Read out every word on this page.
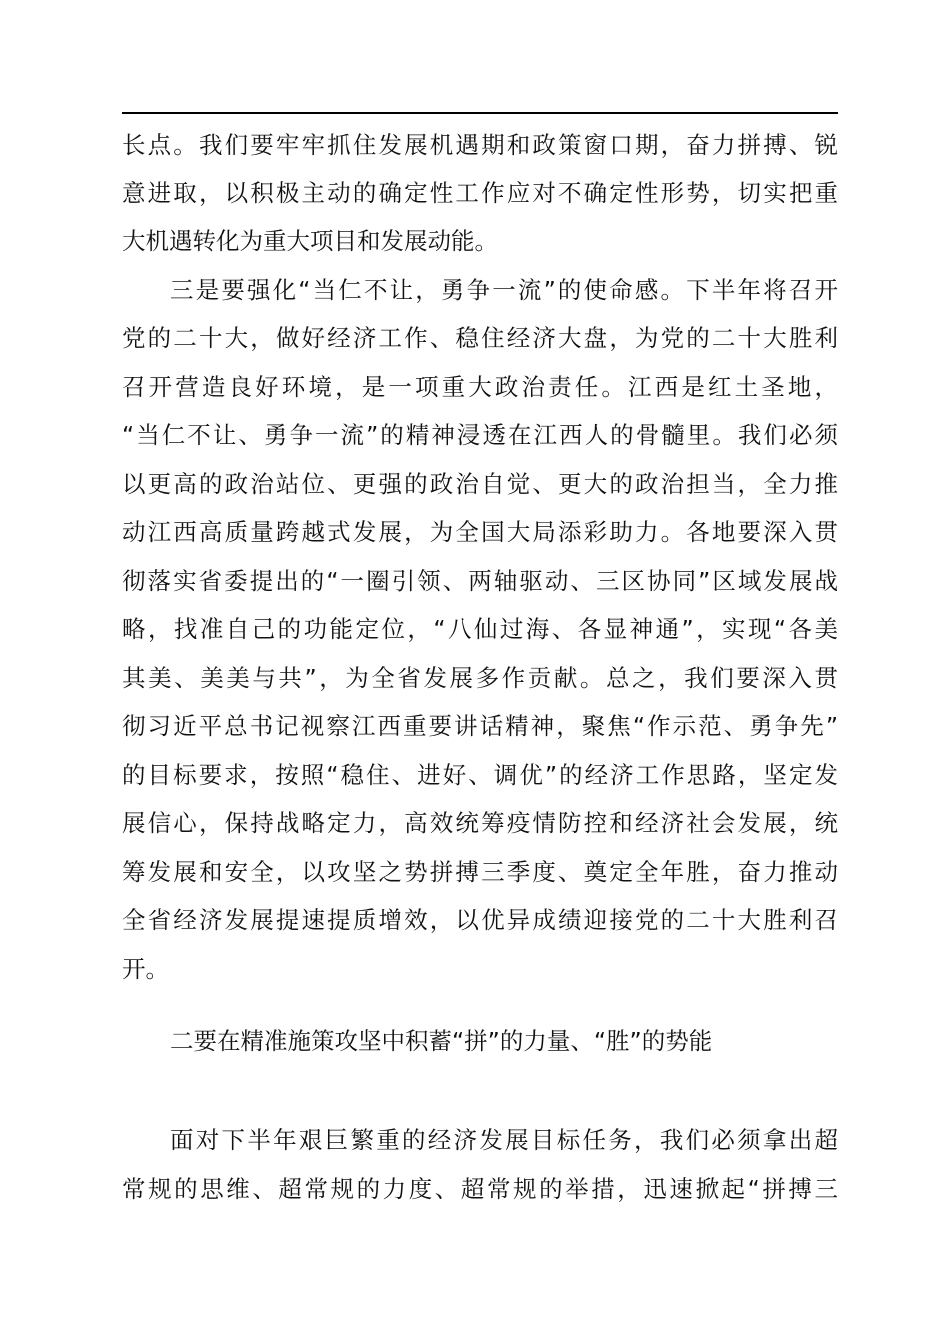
长点。我们要牢牢抓住发展机遇期和政策窗口期，奋力拼搏、锐
意进取，以积极主动的确定性工作应对不确定性形势，切实把重
大机遇转化为重大项目和发展动能。
三是要强化“当仁不让，勇争一流”的使命感。下半年将召开
党的二十大，做好经济工作、稳住经济大盘，为党的二十大胜利
召开营造良好环境，是一项重大政治责任。江西是红土圣地，
“当仁不让、勇争一流”的精神浸透在江西人的骨髓里。我们必须
以更高的政治站位、更强的政治自觉、更大的政治担当，全力推
动江西高质量跨越式发展，为全国大局添彩助力。各地要深入贯
彻落实省委提出的“一圈引领、两轴驱动、三区协同”区域发展战
略，找准自己的功能定位，“八仙过海、各显神通”，实现“各美
其美、美美与共”，为全省发展多作贡献。总之，我们要深入贯
彻习近平总书记视察江西重要讲话精神，聚焦“作示范、勇争先”
的目标要求，按照“稳住、进好、调优”的经济工作思路，坚定发
展信心，保持战略定力，高效统筹疫情防控和经济社会发展，统
筹发展和安全，以攻坚之势拼搏三季度、奠定全年胜，奋力推动
全省经济发展提速提质增效，以优异成绩迎接党的二十大胜利召
开。
二要在精准施策攻坚中积蓄“拼”的力量、“胜”的势能
面对下半年艰巨繁重的经济发展目标任务，我们必须拿出超
常规的思维、超常规的力度、超常规的举措，迅速掀起“拼搏三
